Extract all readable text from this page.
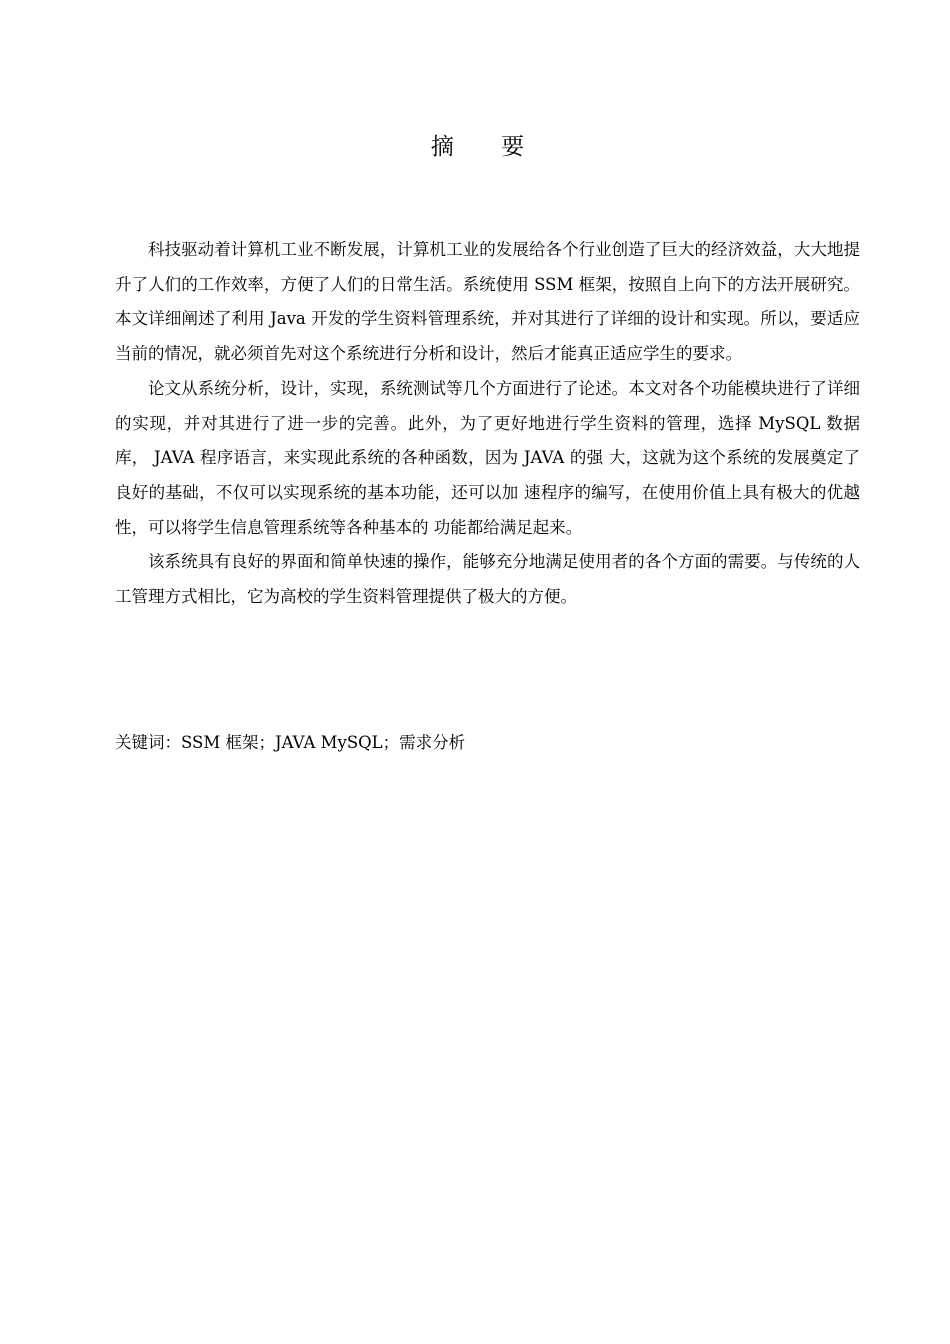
摘 要

科技驱动着计算机工业不断发展，计算机工业的发展给各个行业创造了巨大的经济效益，大大地提升了人们的工作效率，方便了人们的日常生活。系统使用 SSM 框架，按照自上向下的方法开展研究。本文详细阐述了利用 Java 开发的学生资料管理系统，并对其进行了详细的设计和实现。所以，要适应当前的情况，就必须首先对这个系统进行分析和设计，然后才能真正适应学生的要求。

论文从系统分析，设计，实现，系统测试等几个方面进行了论述。本文对各个功能模块进行了详细的实现，并对其进行了进一步的完善。此外，为了更好地进行学生资料的管理，选择 MySQL 数据库， JAVA 程序语言，来实现此系统的各种函数，因为 JAVA 的强 大，这就为这个系统的发展奠定了良好的基础，不仅可以实现系统的基本功能，还可以加 速程序的编写，在使用价值上具有极大的优越性，可以将学生信息管理系统等各种基本的 功能都给满足起来。

该系统具有良好的界面和简单快速的操作，能够充分地满足使用者的各个方面的需要。与传统的人工管理方式相比，它为高校的学生资料管理提供了极大的方便。

关键词：SSM 框架；JAVA MySQL；需求分析
